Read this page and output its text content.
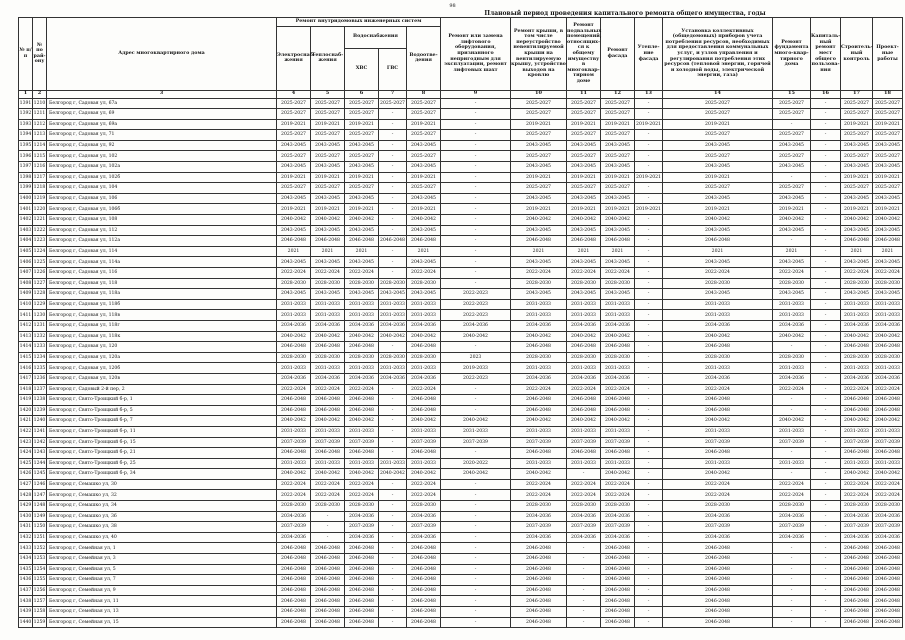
98
Плановый период проведения капитального ремонта общего имущества, годы
№ п/п	№ по рай-ону	Адрес многоквартирного дома	Ремонт внутридомовых инженерных систем					Ремонт или замена лифтового оборудования, признанного непригодным для эксплуатации, ремонт лифтовых шахт	Ремонт крыши, в том числе переустройство невентилируемой крыши на вентилируемую крышу, устройство выходов на кровлю	Ремонт подвальных помещений, относящих-ся к общему имуществу в многоквар-тирном доме	Ремонт фасада	Утепле-ние фасада	Установка коллективных (общедомовых) приборов учета потребления ресурсов, необходимых для предоставления коммунальных услуг, и узлов управления и регулирования потребления этих ресурсов (тепловой энергии, горячей и холодной воды, электрической энергии, газа)	Ремонт фундамента много-квар-тирного дома	Капиталь-ный ремонт мест общего пользова-ния	Строитель-ный контроль	Проект-ные работы
			Электроснаб-жения	Теплоснаб-жения	Водоснабжения		Водоотве-дения										
					ХВС	ГВС											
1	2	3	4	5	6	7	8	9	10	11	12	13	14	15	16	17	18
1391	1210	Белгород г, Садовая ул, 67а	2025-2027	2025-2027	2025-2027	2025-2027	2025-2027	-	2025-2027	2025-2027	2025-2027	-	2025-2027	2025-2027	-	2025-2027	2025-2027
1392	1211	Белгород г, Садовая ул, 69	2025-2027	2025-2027	2025-2027	-	2025-2027	-	2025-2027	2025-2027	2025-2027	-	2025-2027	2025-2027	-	2025-2027	2025-2027
1393	1212	Белгород г, Садовая ул, 69а	2019-2021	2019-2021	2019-2021	-	2019-2021	-	2019-2021	2019-2021	2019-2021	2019-2021	2019-2021	-	-	2019-2021	2019-2021
1394	1213	Белгород г, Садовая ул, 71	2025-2027	2025-2027	2025-2027	-	2025-2027	-	2025-2027	2025-2027	2025-2027	-	2025-2027	2025-2027	-	2025-2027	2025-2027
1395	1214	Белгород г, Садовая ул, 92	2043-2045	2043-2045	2043-2045	-	2043-2045	-	2043-2045	2043-2045	2043-2045	-	2043-2045	2043-2045	-	2043-2045	2043-2045
1396	1215	Белгород г, Садовая ул, 102	2025-2027	2025-2027	2025-2027	-	2025-2027	-	2025-2027	2025-2027	2025-2027	-	2025-2027	2025-2027	-	2025-2027	2025-2027
1397	1216	Белгород г, Садовая ул, 102а	2043-2045	2043-2045	2043-2045	-	2043-2045	-	2043-2045	2043-2045	2043-2045	-	2043-2045	2043-2045	-	2043-2045	2043-2045
1398	1217	Белгород г, Садовая ул, 102б	2019-2021	2019-2021	2019-2021	-	2019-2021	-	2019-2021	2019-2021	2019-2021	2019-2021	2019-2021	-	-	2019-2021	2019-2021
1399	1218	Белгород г, Садовая ул, 104	2025-2027	2025-2027	2025-2027	-	2025-2027	-	2025-2027	2025-2027	2025-2027	-	2025-2027	2025-2027	-	2025-2027	2025-2027
1400	1219	Белгород г, Садовая ул, 106	2043-2045	2043-2045	2043-2045	-	2043-2045	-	2043-2045	2043-2045	2043-2045	-	2043-2045	2043-2045	-	2043-2045	2043-2045
1401	1220	Белгород г, Садовая ул, 106б	2019-2021	2019-2021	2019-2021	-	2019-2021	-	2019-2021	2019-2021	2019-2021	2019-2021	2019-2021	2019-2021	-	2019-2021	2019-2021
1402	1221	Белгород г, Садовая ул, 108	2040-2042	2040-2042	2040-2042	-	2040-2042	-	2040-2042	2040-2042	2040-2042	-	2040-2042	2040-2042	-	2040-2042	2040-2042
1403	1222	Белгород г, Садовая ул, 112	2043-2045	2043-2045	2043-2045	-	2043-2045	-	2043-2045	2043-2045	2043-2045	-	2043-2045	2043-2045	-	2043-2045	2043-2045
1404	1223	Белгород г, Садовая ул, 112а	2046-2048	2046-2048	2046-2048	2046-2048	2046-2048	-	2046-2048	2046-2048	2046-2048	-	2046-2048	-	-	2046-2048	2046-2048
1405	1224	Белгород г, Садовая ул, 114	2021	2021	2021	-	2021	-	2021	2021	2021	-	2021	2021	-	2021	2021
1406	1225	Белгород г, Садовая ул, 114а	2043-2045	2043-2045	2043-2045	-	2043-2045	-	2043-2045	2043-2045	2043-2045	-	2043-2045	2043-2045	-	2043-2045	2043-2045
1407	1226	Белгород г, Садовая ул, 116	2022-2024	2022-2024	2022-2024	-	2022-2024	-	2022-2024	2022-2024	2022-2024	-	2022-2024	2022-2024	-	2022-2024	2022-2024
1408	1227	Белгород г, Садовая ул, 118	2028-2030	2028-2030	2028-2030	2028-2030	2028-2030	-	2028-2030	2028-2030	2028-2030	-	2028-2030	2028-2030	-	2028-2030	2028-2030
1409	1228	Белгород г, Садовая ул, 118а	2043-2045	2043-2045	2043-2045	2043-2045	2043-2045	2022-2023	2043-2045	2043-2045	2043-2045	-	2043-2045	2043-2045	-	2043-2045	2043-2045
1410	1229	Белгород г, Садовая ул, 118б	2031-2033	2031-2033	2031-2033	2031-2033	2031-2033	2022-2023	2031-2033	2031-2033	2031-2033	-	2031-2033	2031-2033	-	2031-2033	2031-2033
1411	1230	Белгород г, Садовая ул, 118в	2031-2033	2031-2033	2031-2033	2031-2033	2031-2033	2022-2023	2031-2033	2031-2033	2031-2033	-	2031-2033	2031-2033	-	2031-2033	2031-2033
1412	1231	Белгород г, Садовая ул, 118г	2034-2036	2034-2036	2034-2036	2034-2036	2034-2036	2034-2036	2034-2036	2034-2036	2034-2036	-	2034-2036	2034-2036	-	2034-2036	2034-2036
1413	1232	Белгород г, Садовая ул, 118к	2040-2042	2040-2042	2040-2042	2040-2042	2040-2042	2040-2042	2040-2042	2040-2042	2040-2042	-	2040-2042	2040-2042	-	2040-2042	2040-2042
1414	1233	Белгород г, Садовая ул, 120	2046-2048	2046-2048	2046-2048	-	2046-2048	-	2046-2048	2046-2048	2046-2048	-	2046-2048	-	-	2046-2048	2046-2048
1415	1234	Белгород г, Садовая ул, 120а	2028-2030	2028-2030	2028-2030	2028-2030	2028-2030	2023	2028-2030	2028-2030	2028-2030	-	2028-2030	2028-2030	-	2028-2030	2028-2030
1416	1235	Белгород г, Садовая ул, 120б	2031-2033	2031-2033	2031-2033	2031-2033	2031-2033	2019-2033	2031-2033	2031-2033	2031-2033	-	2031-2033	2031-2033	-	2031-2033	2031-2033
1417	1236	Белгород г, Садовая ул, 120в	2034-2036	2034-2036	2034-2036	2034-2036	2034-2036	2022-2023	2034-2036	2034-2036	2034-2036	-	2034-2036	2034-2036	-	2034-2036	2034-2036
1418	1237	Белгород г, Садовый 2-й пер, 2	2022-2024	2022-2024	2022-2024	-	2022-2024	-	2022-2024	2022-2024	2022-2024	-	2022-2024	2022-2024	-	2022-2024	2022-2024
1419	1238	Белгород г, Свято-Троицкий б-р, 1	2046-2048	2046-2048	2046-2048	-	2046-2048	-	2046-2048	2046-2048	2046-2048	-	2046-2048	-	-	2046-2048	2046-2048
1420	1239	Белгород г, Свято-Троицкий б-р, 5	2046-2048	2046-2048	2046-2048	-	2046-2048	-	2046-2048	2046-2048	2046-2048	-	2046-2048	-	-	2046-2048	2046-2048
1421	1240	Белгород г, Свято-Троицкий б-р, 7	2040-2042	2040-2042	2040-2042	-	2040-2042	2040-2042	2040-2042	2040-2042	2040-2042	-	2040-2042	2040-2042	-	2040-2042	2040-2042
1422	1241	Белгород г, Свято-Троицкий б-р, 11	2031-2033	2031-2033	2031-2033	-	2031-2033	2031-2033	2031-2033	2031-2033	2031-2033	-	2031-2033	2031-2033	-	2031-2033	2031-2033
1423	1242	Белгород г, Свято-Троицкий б-р, 15	2037-2039	2037-2039	2037-2039	-	2037-2039	2037-2039	2037-2039	2037-2039	2037-2039	-	2037-2039	2037-2039	-	2037-2039	2037-2039
1424	1243	Белгород г, Свято-Троицкий б-р, 21	2046-2048	2046-2048	2046-2048	-	2046-2048	-	2046-2048	2046-2048	2046-2048	-	2046-2048	-	-	2046-2048	2046-2048
1425	1244	Белгород г, Свято-Троицкий б-р, 25	2031-2033	2031-2033	2031-2033	2031-2033	2031-2033	2020-2022	2031-2033	2031-2033	2031-2033	-	2031-2033	2031-2033	-	2031-2033	2031-2033
1426	1245	Белгород г, Свято-Троицкий б-р, 34	2040-2042	2040-2042	2040-2042	2040-2042	2040-2042	2040-2042	2040-2042	-	2040-2042	-	2040-2042	-	-	2040-2042	2040-2042
1427	1246	Белгород г, Семашко ул, 30	2022-2024	2022-2024	2022-2024	-	2022-2024	-	2022-2024	2022-2024	2022-2024	-	2022-2024	2022-2024	-	2022-2024	2022-2024
1428	1247	Белгород г, Семашко ул, 32	2022-2024	2022-2024	2022-2024	-	2022-2024	-	2022-2024	2022-2024	2022-2024	-	2022-2024	2022-2024	-	2022-2024	2022-2024
1429	1248	Белгород г, Семашко ул, 34	2028-2030	2028-2030	2028-2030	-	2028-2030	-	2028-2030	2028-2030	2028-2030	-	2028-2030	2028-2030	-	2028-2030	2028-2030
1430	1249	Белгород г, Семашко ул, 36	2034-2036	-	2034-2036	-	2034-2036	-	2034-2036	2034-2036	2034-2036	-	2034-2036	2034-2036	-	2034-2036	2034-2036
1431	1250	Белгород г, Семашко ул, 38	2037-2039	-	2037-2039	-	2037-2039	-	2037-2039	2037-2039	2037-2039	-	2037-2039	2037-2039	-	2037-2039	2037-2039
1432	1251	Белгород г, Семашко ул, 40	2034-2036	-	2034-2036	-	2034-2036	-	2034-2036	2034-2036	2034-2036	-	2034-2036	2034-2036	-	2034-2036	2034-2036
1433	1252	Белгород г, Семейная ул, 1	2046-2048	2046-2048	2046-2048	-	2046-2048	-	2046-2048	-	2046-2048	-	2046-2048	-	-	2046-2048	2046-2048
1434	1253	Белгород г, Семейная ул, 3	2046-2048	2046-2048	2046-2048	-	2046-2048	-	2046-2048	-	2046-2048	-	2046-2048	-	-	2046-2048	2046-2048
1435	1254	Белгород г, Семейная ул, 5	2046-2048	2046-2048	2046-2048	-	2046-2048	-	2046-2048	-	2046-2048	-	2046-2048	-	-	2046-2048	2046-2048
1436	1255	Белгород г, Семейная ул, 7	2046-2048	2046-2048	2046-2048	-	2046-2048	-	2046-2048	-	2046-2048	-	2046-2048	-	-	2046-2048	2046-2048
1437	1256	Белгород г, Семейная ул, 9	2046-2048	2046-2048	2046-2048	-	2046-2048	-	2046-2048	-	2046-2048	-	2046-2048	-	-	2046-2048	2046-2048
1438	1257	Белгород г, Семейная ул, 11	2046-2048	2046-2048	2046-2048	-	2046-2048	-	2046-2048	-	2046-2048	-	2046-2048	-	-	2046-2048	2046-2048
1439	1258	Белгород г, Семейная ул, 13	2046-2048	2046-2048	2046-2048	-	2046-2048	-	2046-2048	-	2046-2048	-	2046-2048	-	-	2046-2048	2046-2048
1440	1259	Белгород г, Семейная ул, 15	2046-2048	2046-2048	2046-2048	-	2046-2048	-	2046-2048	-	2046-2048	-	2046-2048	-	-	2046-2048	2046-2048
